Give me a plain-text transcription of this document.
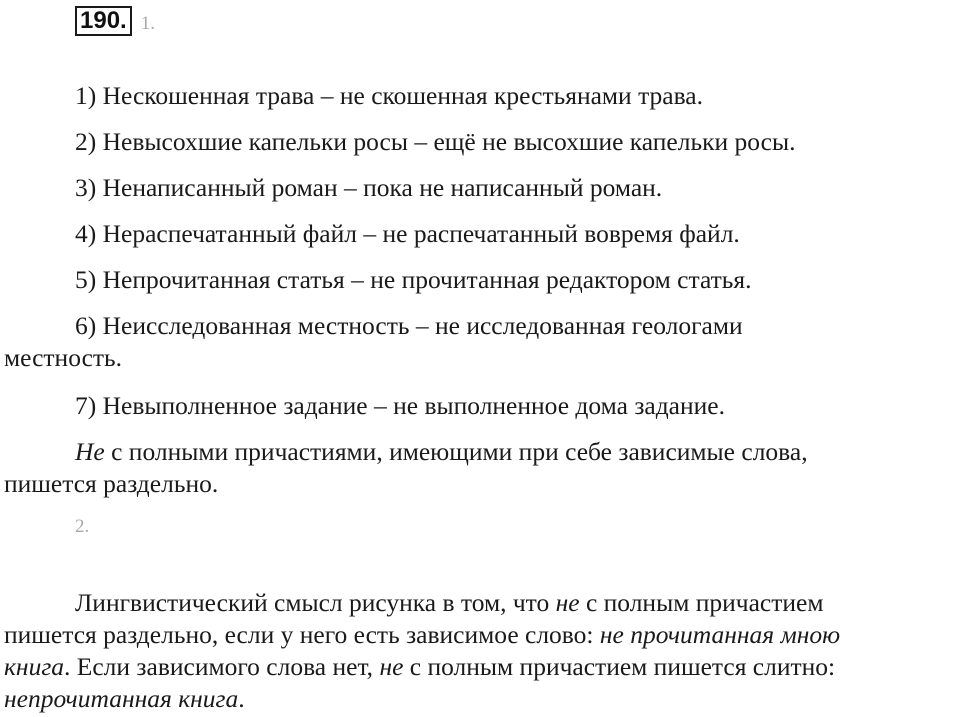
190. 1.

1) Нескошенная трава – не скошенная крестьянами трава.

2) Невысохшие капельки росы – ещё не высохшие капельки росы.

3) Ненаписанный роман – пока не написанный роман.

4) Нераспечатанный файл – не распечатанный вовремя файл.

5) Непрочитанная статья – не прочитанная редактором статья.

6) Неисследованная местность – не исследованная геологами
местность.

7) Невыполненное задание – не выполненное дома задание.

Не с полными причастиями, имеющими при себе зависимые слова,
пишется раздельно.
2.
Лингвистический смысл рисунка в том, что не с полным причастием
пишется раздельно, если у него есть зависимое слово: не прочитанная мною
книга. Если зависимого слова нет, не с полным причастием пишется слитно:
непрочитанная книга.
